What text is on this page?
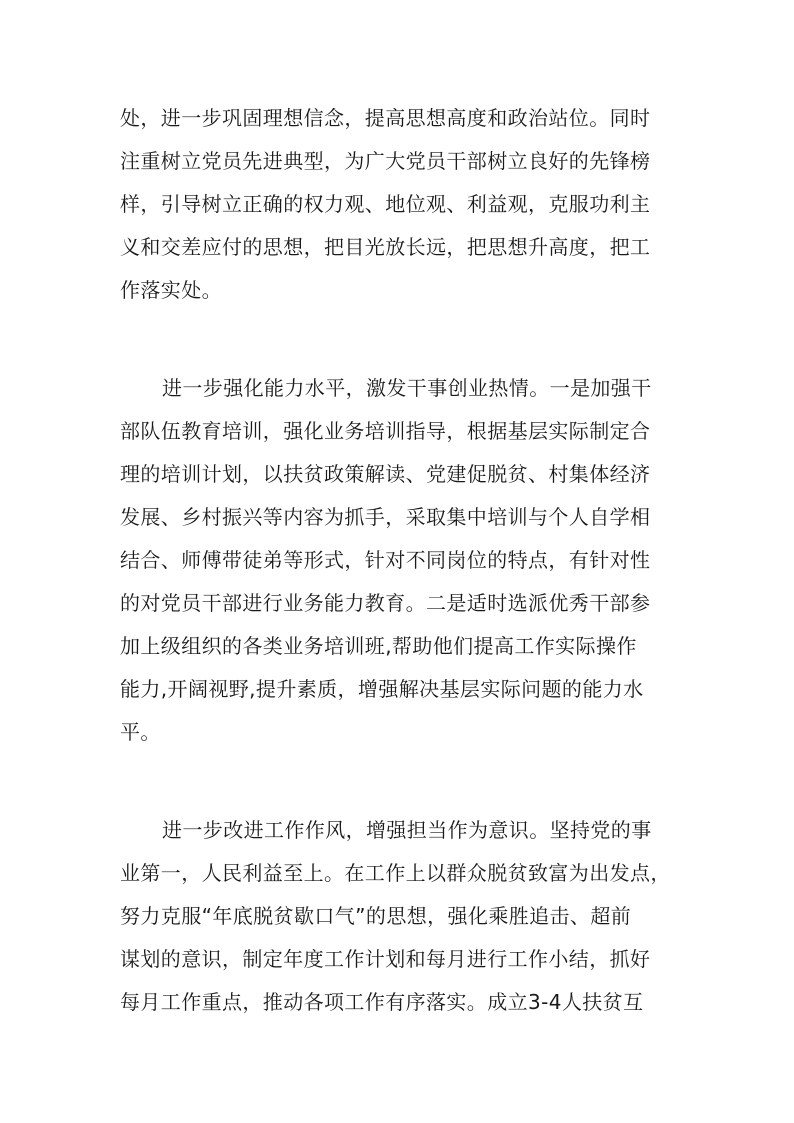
处，进一步巩固理想信念，提高思想高度和政治站位。同时

注重树立党员先进典型，为广大党员干部树立良好的先锋榜

样，引导树立正确的权力观、地位观、利益观，克服功利主

义和交差应付的思想，把目光放长远，把思想升高度，把工

作落实处。

进一步强化能力水平，激发干事创业热情。一是加强干

部队伍教育培训，强化业务培训指导，根据基层实际制定合

理的培训计划，以扶贫政策解读、党建促脱贫、村集体经济

发展、乡村振兴等内容为抓手，采取集中培训与个人自学相

结合、师傅带徒弟等形式，针对不同岗位的特点，有针对性

的对党员干部进行业务能力教育。二是适时选派优秀干部参

加上级组织的各类业务培训班,帮助他们提高工作实际操作

能力,开阔视野,提升素质，增强解决基层实际问题的能力水

平。

进一步改进工作作风，增强担当作为意识。坚持党的事

业第一，人民利益至上。在工作上以群众脱贫致富为出发点，

努力克服“年底脱贫歇口气”的思想，强化乘胜追击、超前

谋划的意识，制定年度工作计划和每月进行工作小结，抓好

每月工作重点，推动各项工作有序落实。成立3-4人扶贫互
